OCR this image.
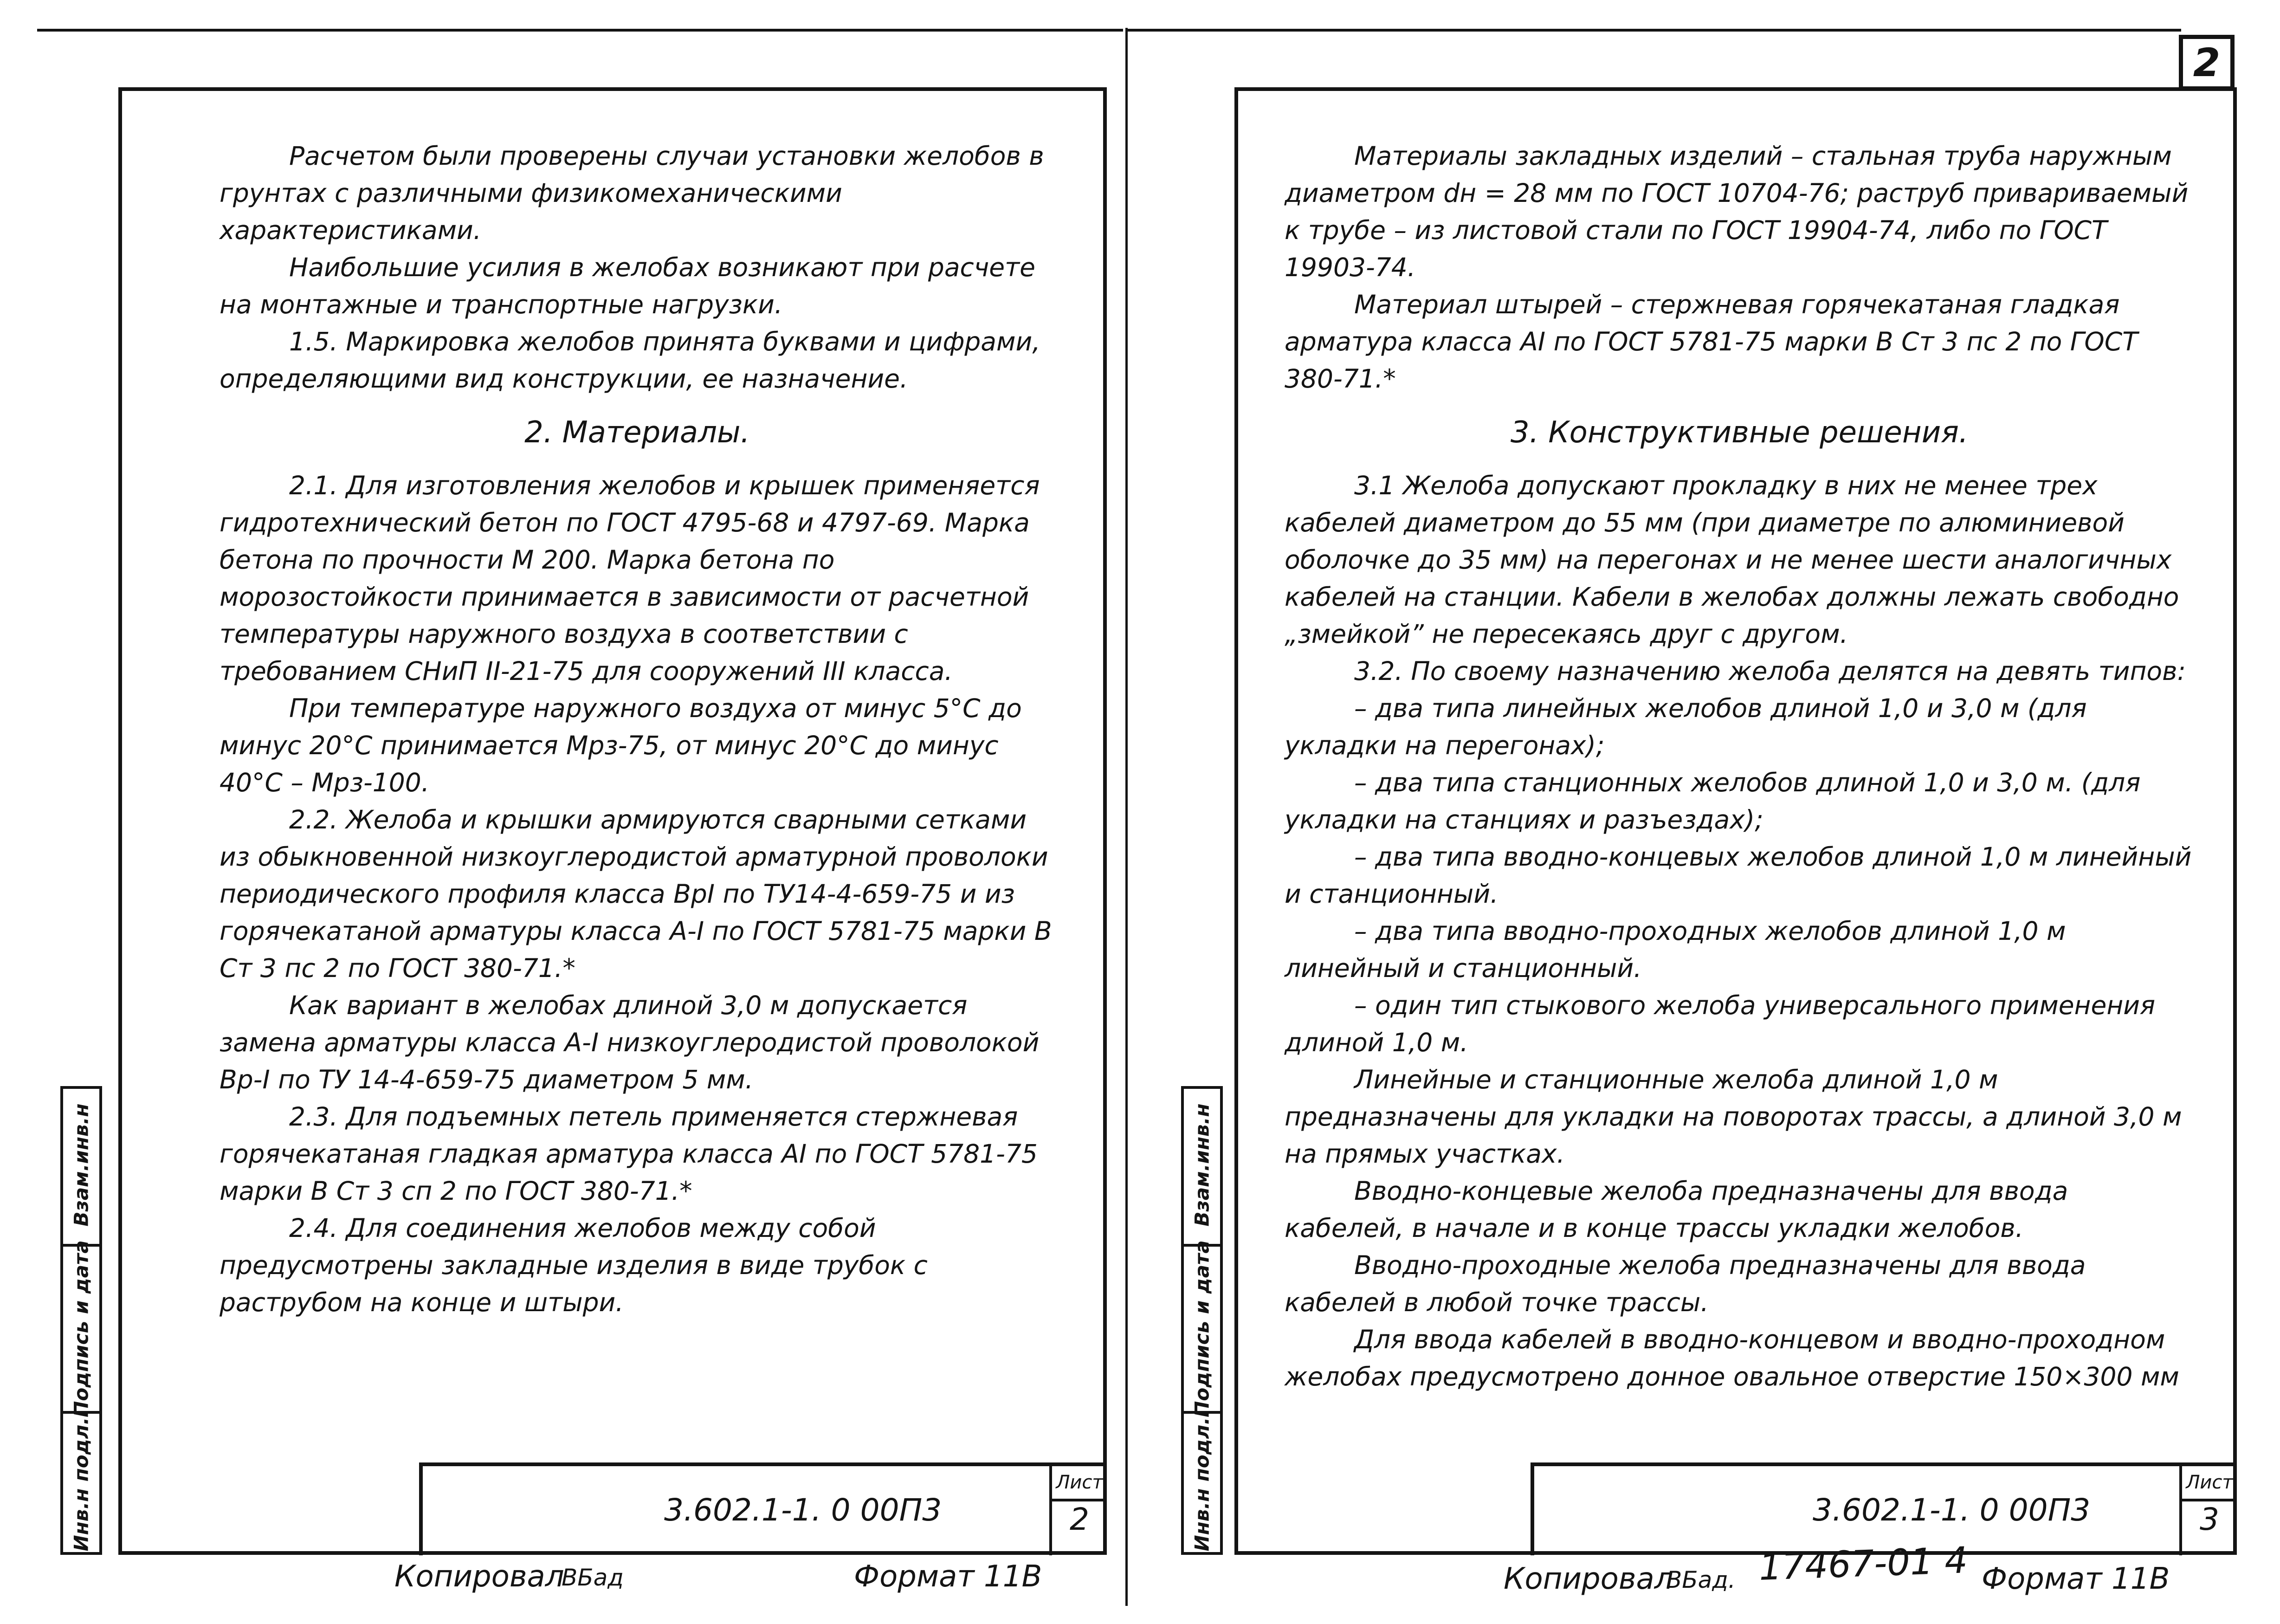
2

Расчетом были проверены случаи установки желобов в грунтах с различными физикомеханическими характеристиками.

Наибольшие усилия в желобах возникают при расчете на монтажные и транспортные нагрузки.

1.5. Маркировка желобов принята буквами и цифрами, определяющими вид конструкции, ее назначение.

2. Материалы.

2.1. Для изготовления желобов и крышек применяется гидротехнический бетон по ГОСТ 4795-68 и 4797-69. Марка бетона по прочности М 200. Марка бетона по морозостойкости принимается в зависимости от расчетной температуры наружного воздуха в соответствии с требованием СНиП II-21-75 для сооружений III класса.

При температуре наружного воздуха от минус 5°С до минус 20°С принимается Мрз-75, от минус 20°С до минус 40°С – Мрз-100.

2.2. Желоба и крышки армируются сварными сетками из обыкновенной низкоуглеродистой арматурной проволоки периодического профиля класса ВрI по ТУ14-4-659-75 и из горячекатаной арматуры класса А-I по ГОСТ 5781-75 марки В Ст 3 пс 2 по ГОСТ 380-71.*

Как вариант в желобах длиной 3,0 м допускается замена арматуры класса А-I низкоуглеродистой проволокой Вр-I по ТУ 14-4-659-75 диаметром 5 мм.

2.3. Для подъемных петель применяется стержневая горячекатаная гладкая арматура класса АI по ГОСТ 5781-75 марки В Ст 3 сп 2 по ГОСТ 380-71.*

2.4. Для соединения желобов между собой предусмотрены закладные изделия в виде трубок с раструбом на конце и штыри.

3.602.1-1. 0 00П3
Лист
2
Взам.инв.н
Подпись и дата
Инв.н подл.
Копировал
ВБад	Формат 11В

Материалы закладных изделий – стальная труба наружным диаметром dн = 28 мм по ГОСТ 10704-76; раструб привариваемый к трубе – из листовой стали по ГОСТ 19904-74, либо по ГОСТ 19903-74.

Материал штырей – стержневая горячекатаная гладкая арматура класса АI по ГОСТ 5781-75 марки В Ст 3 пс 2 по ГОСТ 380-71.*

3. Конструктивные решения.

3.1 Желоба допускают прокладку в них не менее трех кабелей диаметром до 55 мм (при диаметре по алюминиевой оболочке до 35 мм) на перегонах и не менее шести аналогичных кабелей на станции. Кабели в желобах должны лежать свободно „змейкой” не пересекаясь друг с другом.

3.2. По своему назначению желоба делятся на девять типов:

– два типа линейных желобов длиной 1,0 и 3,0 м (для укладки на перегонах);

– два типа станционных желобов длиной 1,0 и 3,0 м. (для укладки на станциях и разъездах);

– два типа вводно-концевых желобов длиной 1,0 м линейный и станционный.

– два типа вводно-проходных желобов длиной 1,0 м линейный и станционный.

– один тип стыкового желоба универсального применения длиной 1,0 м.

Линейные и станционные желоба длиной 1,0 м предназначены для укладки на поворотах трассы, а длиной 3,0 м на прямых участках.

Вводно-концевые желоба предназначены для ввода кабелей, в начале и в конце трассы укладки желобов.

Вводно-проходные желоба предназначены для ввода кабелей в любой точке трассы.

Для ввода кабелей в вводно-концевом и вводно-проходном желобах предусмотрено донное овальное отверстие 150×300 мм

3.602.1-1. 0 00П3
Лист
3
Взам.инв.н
Подпись и дата
Инв.н подл.
Копировал
ВБад. 17467-01 4 Формат 11В
